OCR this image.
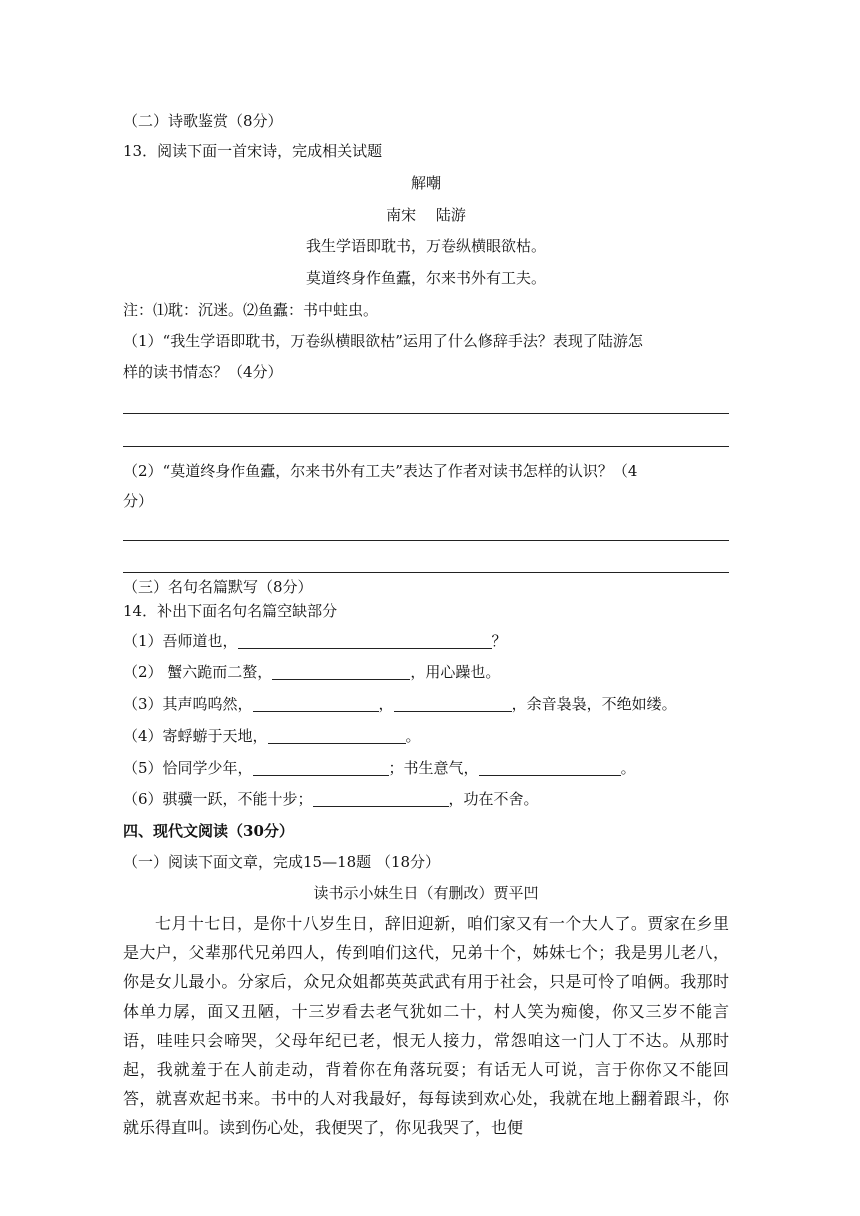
（二）诗歌鉴赏（8分）
13．阅读下面一首宋诗，完成相关试题
解嘲
南宋　 陆游
我生学语即耽书，万卷纵横眼欲枯。
莫道终身作鱼蠹，尔来书外有工夫。
注：⑴耽：沉迷。⑵鱼蠹：书中蛀虫。
（1）“我生学语即耽书，万卷纵横眼欲枯”运用了什么修辞手法？表现了陆游怎
样的读书情态？（4分）
（2）“莫道终身作鱼蠹，尔来书外有工夫”表达了作者对读书怎样的认识？（4
分）
（三）名句名篇默写（8分）
14．补出下面名句名篇空缺部分
（1）吾师道也，	？
（2） 蟹六跪而二螯，	，用心躁也。
（3）其声呜呜然，	，	，余音袅袅，不绝如缕。
（4）寄蜉蝣于天地，	。
（5）恰同学少年，	；书生意气，	。
（6）骐骥一跃，不能十步；	，功在不舍。
四、现代文阅读（30分）
（一）阅读下面文章，完成15—18题 （18分）
读书示小妹生日（有删改）贾平凹

七月十七日，是你十八岁生日，辞旧迎新，咱们家又有一个大人了。贾家在乡里是大户，父辈那代兄弟四人，传到咱们这代，兄弟十个，姊妹七个；我是男儿老八，你是女儿最小。分家后，众兄众姐都英英武武有用于社会，只是可怜了咱俩。我那时体单力孱，面又丑陋，十三岁看去老气犹如二十，村人笑为痴傻，你又三岁不能言语，哇哇只会啼哭，父母年纪已老，恨无人接力，常怨咱这一门人丁不达。从那时起，我就羞于在人前走动，背着你在角落玩耍；有话无人可说，言于你你又不能回答，就喜欢起书来。书中的人对我最好，每每读到欢心处，我就在地上翻着跟斗，你就乐得直叫。读到伤心处，我便哭了，你见我哭了，也便
